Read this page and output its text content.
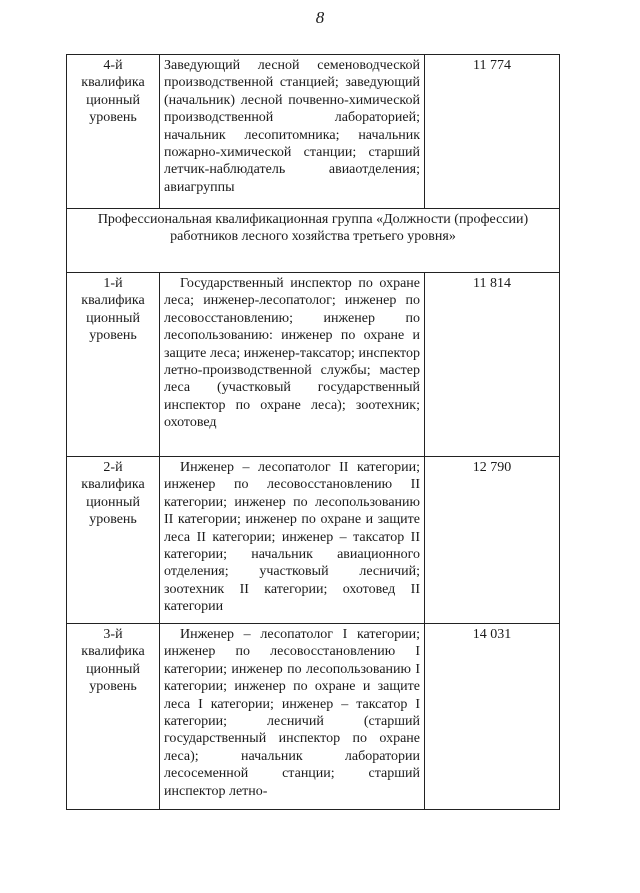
8
4-й квалифика ционный уровень	Заведующий лесной семеноводческой производственной станцией; заведующий (начальник) лесной почвенно-химической производственной лабораторией; начальник лесопитомника; начальник пожарно-химической станции; старший летчик-наблюдатель авиаотделения; авиагруппы	11 774
Профессиональная квалификационная группа «Должности (профессии) работников лесного хозяйства третьего уровня»		
1-й квалифика ционный уровень	Государственный инспектор по охране леса; инженер-лесопатолог; инженер по лесовосстановлению; инженер по лесопользованию: инженер по охране и защите леса; инженер-таксатор; инспектор летно-производственной службы; мастер леса (участковый государственный инспектор по охране леса); зоотехник; охотовед	11 814
2-й квалифика ционный уровень	Инженер – лесопатолог II категории; инженер по лесовосстановлению II категории; инженер по лесопользованию II категории; инженер по охране и защите леса II категории; инженер – таксатор II категории; начальник авиационного отделения; участковый лесничий; зоотехник II категории; охотовед II категории	12 790
3-й квалифика ционный уровень	Инженер – лесопатолог I категории; инженер по лесовосстановлению I категории; инженер по лесопользованию I категории; инженер по охране и защите леса I категории; инженер – таксатор I категории; лесничий (старший государственный инспектор по охране леса); начальник лаборатории лесосеменной станции; старший инспектор летно-	14 031
